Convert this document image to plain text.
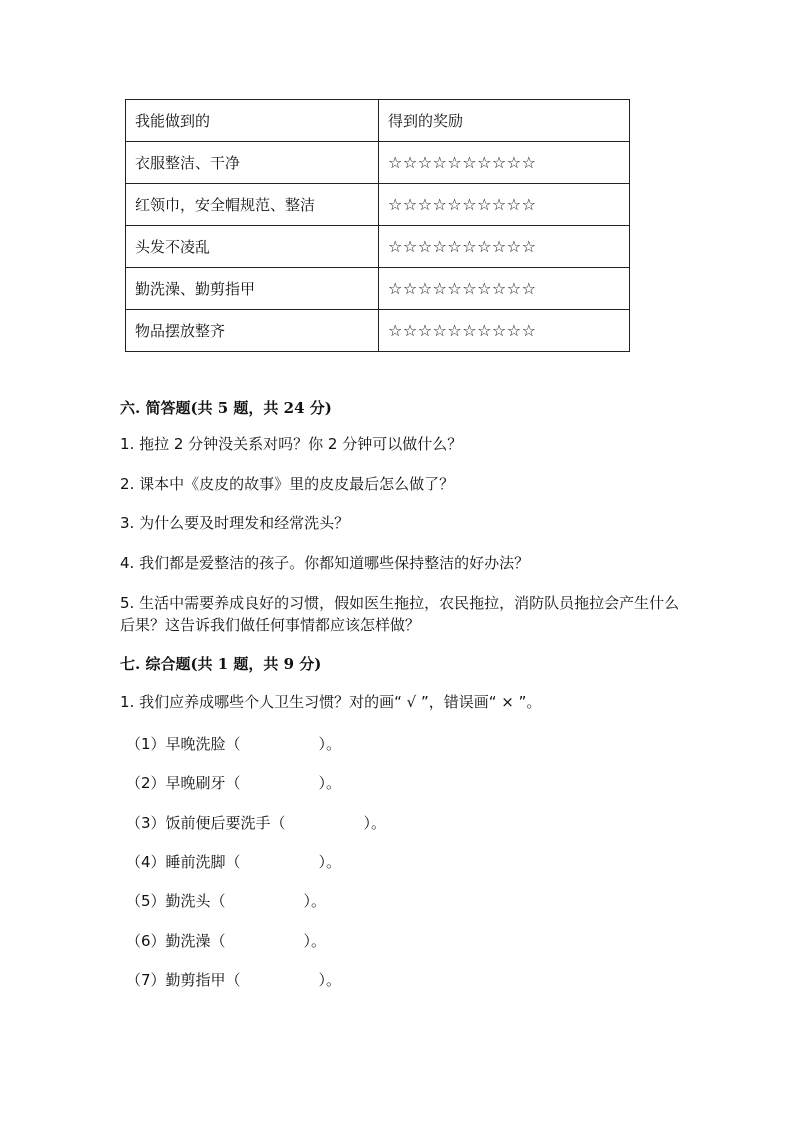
我能做到的	得到的奖励
衣服整洁、干净	☆☆☆☆☆☆☆☆☆☆
红领巾，安全帽规范、整洁	☆☆☆☆☆☆☆☆☆☆
头发不凌乱	☆☆☆☆☆☆☆☆☆☆
勤洗澡、勤剪指甲	☆☆☆☆☆☆☆☆☆☆
物品摆放整齐	☆☆☆☆☆☆☆☆☆☆
六. 简答题(共 5 题，共 24 分)
1. 拖拉 2 分钟没关系对吗？你 2 分钟可以做什么？
2. 课本中《皮皮的故事》里的皮皮最后怎么做了？
3. 为什么要及时理发和经常洗头？
4. 我们都是爱整洁的孩子。你都知道哪些保持整洁的好办法？
5. 生活中需要养成良好的习惯，假如医生拖拉，农民拖拉，消防队员拖拉会产生什么后果？这告诉我们做任何事情都应该怎样做？
七. 综合题(共 1 题，共 9 分)
1. 我们应养成哪些个人卫生习惯？对的画“ √ ”，错误画“ × ”。
（1）早晚洗脸（	）。
（2）早晚刷牙（	）。
（3）饭前便后要洗手（	）。
（4）睡前洗脚（	）。
（5）勤洗头（	）。
（6）勤洗澡（	）。
（7）勤剪指甲（	）。
